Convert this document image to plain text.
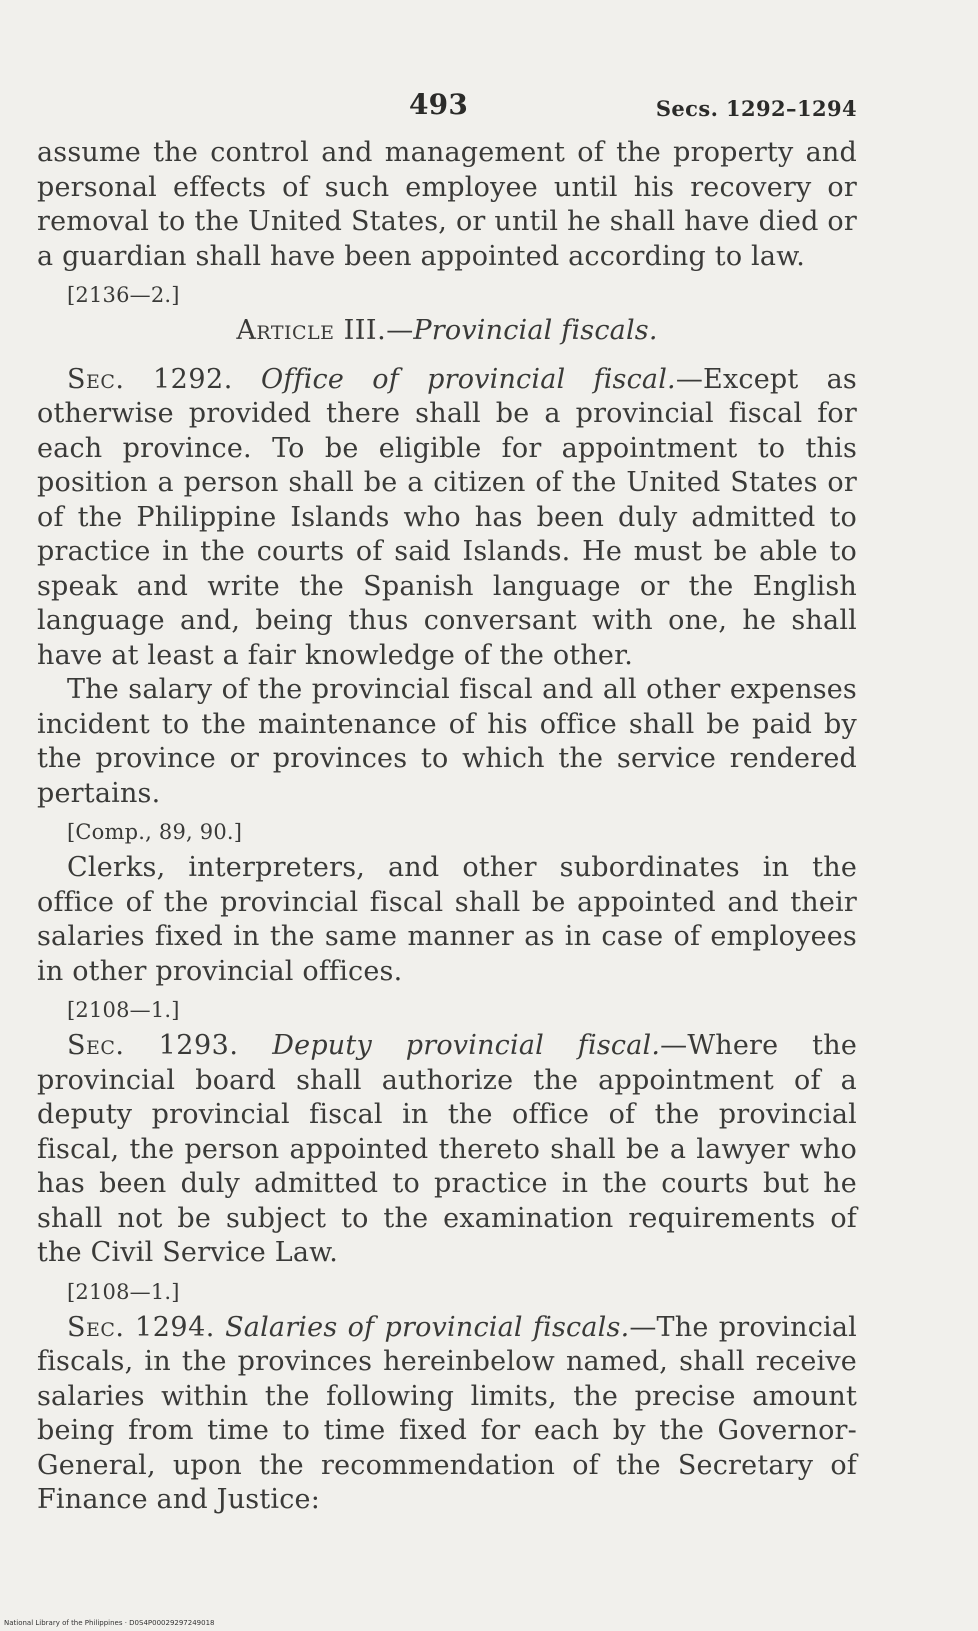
493	Secs. 1292–1294

assume the control and management of the property and personal effects of such employee until his recovery or removal to the United States, or until he shall have died or a guardian shall have been appointed according to law.

[2136—2.]
Article III.—Provincial fiscals.

Sec. 1292. Office of provincial fiscal.—Except as otherwise provided there shall be a provincial fiscal for each province. To be eligible for appointment to this position a person shall be a citizen of the United States or of the Philippine Islands who has been duly admitted to practice in the courts of said Islands. He must be able to speak and write the Spanish language or the English language and, being thus conversant with one, he shall have at least a fair knowledge of the other.

The salary of the provincial fiscal and all other expenses incident to the maintenance of his office shall be paid by the province or provinces to which the service rendered pertains.

[Comp., 89, 90.]

Clerks, interpreters, and other subordinates in the office of the provincial fiscal shall be appointed and their salaries fixed in the same manner as in case of employees in other provincial offices.

[2108—1.]

Sec. 1293. Deputy provincial fiscal.—Where the provincial board shall authorize the appointment of a deputy provincial fiscal in the office of the provincial fiscal, the person appointed thereto shall be a lawyer who has been duly admitted to practice in the courts but he shall not be subject to the examination requirements of the Civil Service Law.

[2108—1.]

Sec. 1294. Salaries of provincial fiscals.—The provincial fiscals, in the provinces hereinbelow named, shall receive salaries within the following limits, the precise amount being from time to time fixed for each by the Governor-General, upon the recommendation of the Secretary of Finance and Justice:

National Library of the Philippines · D0S4P00029297249018
